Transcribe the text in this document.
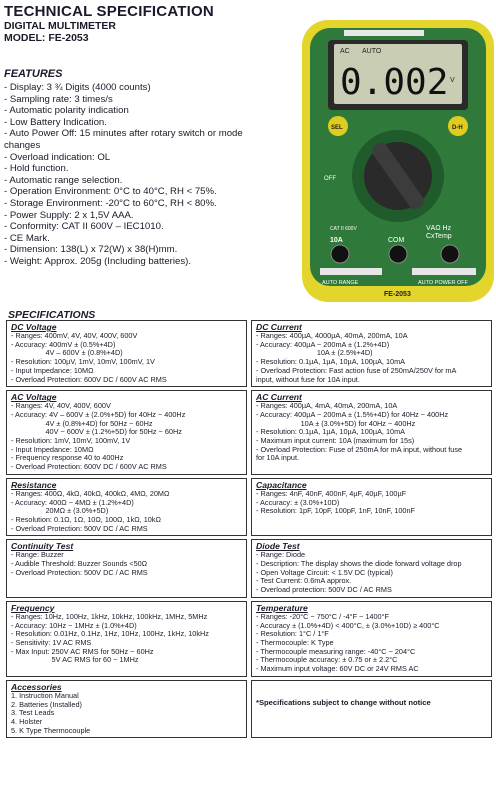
TECHNICAL SPECIFICATION
DIGITAL MULTIMETER
MODEL: FE-2053
FEATURES
- Display: 3 ¾ Digits (4000 counts)
- Sampling rate: 3 times/s
- Automatic polarity indication
- Low Battery Indication.
- Auto Power Off: 15 minutes after rotary switch or mode
changes
- Overload indication: OL
- Hold function.
- Automatic range selection.
- Operation Environment: 0°C to 40°C, RH < 75%.
- Storage Environment: -20°C to 60°C, RH < 80%.
- Power Supply: 2 x 1,5V AAA.
- Conformity: CAT II 600V – IEC1010.
- CE Mark.
- Dimension: 138(L) x 72(W) x 38(H)mm.
- Weight: Approx. 205g (Including batteries).
AC AUTO
0.002 V
SEL	D-H
OFF
CAT II 600V	VΑΩ Hz
CxTemp
10A	COM
AUTO RANGE	AUTO POWER OFF
FE-2053
SPECIFICATIONS
DC Voltage
- Ranges: 400mV, 4V, 40V, 400V, 600V
- Accuracy: 400mV ± (0.5%+4D)
4V – 600V ± (0.8%+4D)
- Resolution: 100µV, 1mV, 10mV, 100mV, 1V
- Input Impedance: 10MΩ
- Overload Protection: 600V DC / 600V AC RMS
DC Current
- Ranges: 400µA, 4000µA, 40mA, 200mA, 10A
- Accuracy: 400µA ~ 200mA ± (1.2%+4D)
10A ± (2.5%+4D)
- Resolution: 0.1µA, 1µA, 10µA, 100µA, 10mA
- Overload Protection: Fast action fuse of 250mA/250V for mA
input, without fuse for 10A input.
AC Voltage
- Ranges: 4V, 40V, 400V, 600V
- Accuracy: 4V – 600V ± (2.0%+5D) for 40Hz ~ 400Hz
4V ± (0.8%+4D) for 50Hz ~ 60Hz
40V ~ 600V ± (1.2%+5D) for 50Hz ~ 60Hz
- Resolution: 1mV, 10mV, 100mV, 1V
- Input Impedance: 10MΩ
- Frequency response 40 to 400Hz
- Overload Protection: 600V DC / 600V AC RMS
AC Current
- Ranges: 400µA, 4mA, 40mA, 200mA, 10A
- Accuracy: 400µA ~ 200mA ± (1.5%+4D) for 40Hz ~ 400Hz
10A ± (3.0%+5D) for 40Hz ~ 400Hz
- Resolution: 0.1µA, 1µA, 10µA, 100µA, 10mA
- Maximum input current: 10A (maximum for 15s)
- Overload Protection: Fuse of 250mA for mA input, without fuse
for 10A input.
Resistance
- Ranges: 400Ω, 4kΩ, 40kΩ, 400kΩ, 4MΩ, 20MΩ
- Accuracy: 400Ω ~ 4MΩ ± (1.2%+4D)
20MΩ ± (3.0%+5D)
- Resolution: 0.1Ω, 1Ω, 10Ω, 100Ω, 1kΩ, 10kΩ
- Overload Protection: 500V DC / AC RMS
Capacitance
- Ranges: 4nF, 40nF, 400nF, 4µF, 40µF, 100µF
- Accuracy: ± (3.0%+10D)
- Resolution: 1pF, 10pF, 100pF, 1nF, 10nF, 100nF
Continuity Test
- Range: Buzzer
- Audible Threshold: Buzzer Sounds <50Ω
- Overload Protection: 500V DC / AC RMS
Diode Test
- Range: Diode
- Description: The display shows the diode forward voltage drop
- Open Voltage Circuit: < 1.5V DC (typical)
- Test Current: 0.6mA approx.
- Overload protection: 500V DC / AC RMS
Frequency
- Ranges: 10Hz, 100Hz, 1kHz, 10kHz, 100kHz, 1MHz, 5MHz
- Accuracy: 10Hz ~ 1MHz ± (1.0%+4D)
- Resolution: 0.01Hz, 0.1Hz, 1Hz, 10Hz, 100Hz, 1kHz, 10kHz
- Sensitivity: 1V AC RMS
- Max Input: 250V AC RMS for 50Hz ~ 60Hz
5V AC RMS for 60 ~ 1MHz
Temperature
- Ranges: -20°C ~ 750°C / -4°F ~ 1400°F
- Accuracy ± (1.0%+4D) < 400°C, ± (3.0%+10D) ≥ 400°C
- Resolution: 1°C / 1°F
- Thermocouple: K Type
- Thermocouple measuring range: -40°C ~ 204°C
- Thermocouple accuracy: ± 0.75 or ± 2.2°C
- Maximum input voltage: 60V DC or 24V RMS AC
Accessories
1. Instruction Manual
2. Batteries (Installed)
3. Test Leads
4. Holster
5. K Type Thermocouple
*Specifications subject to change without notice
